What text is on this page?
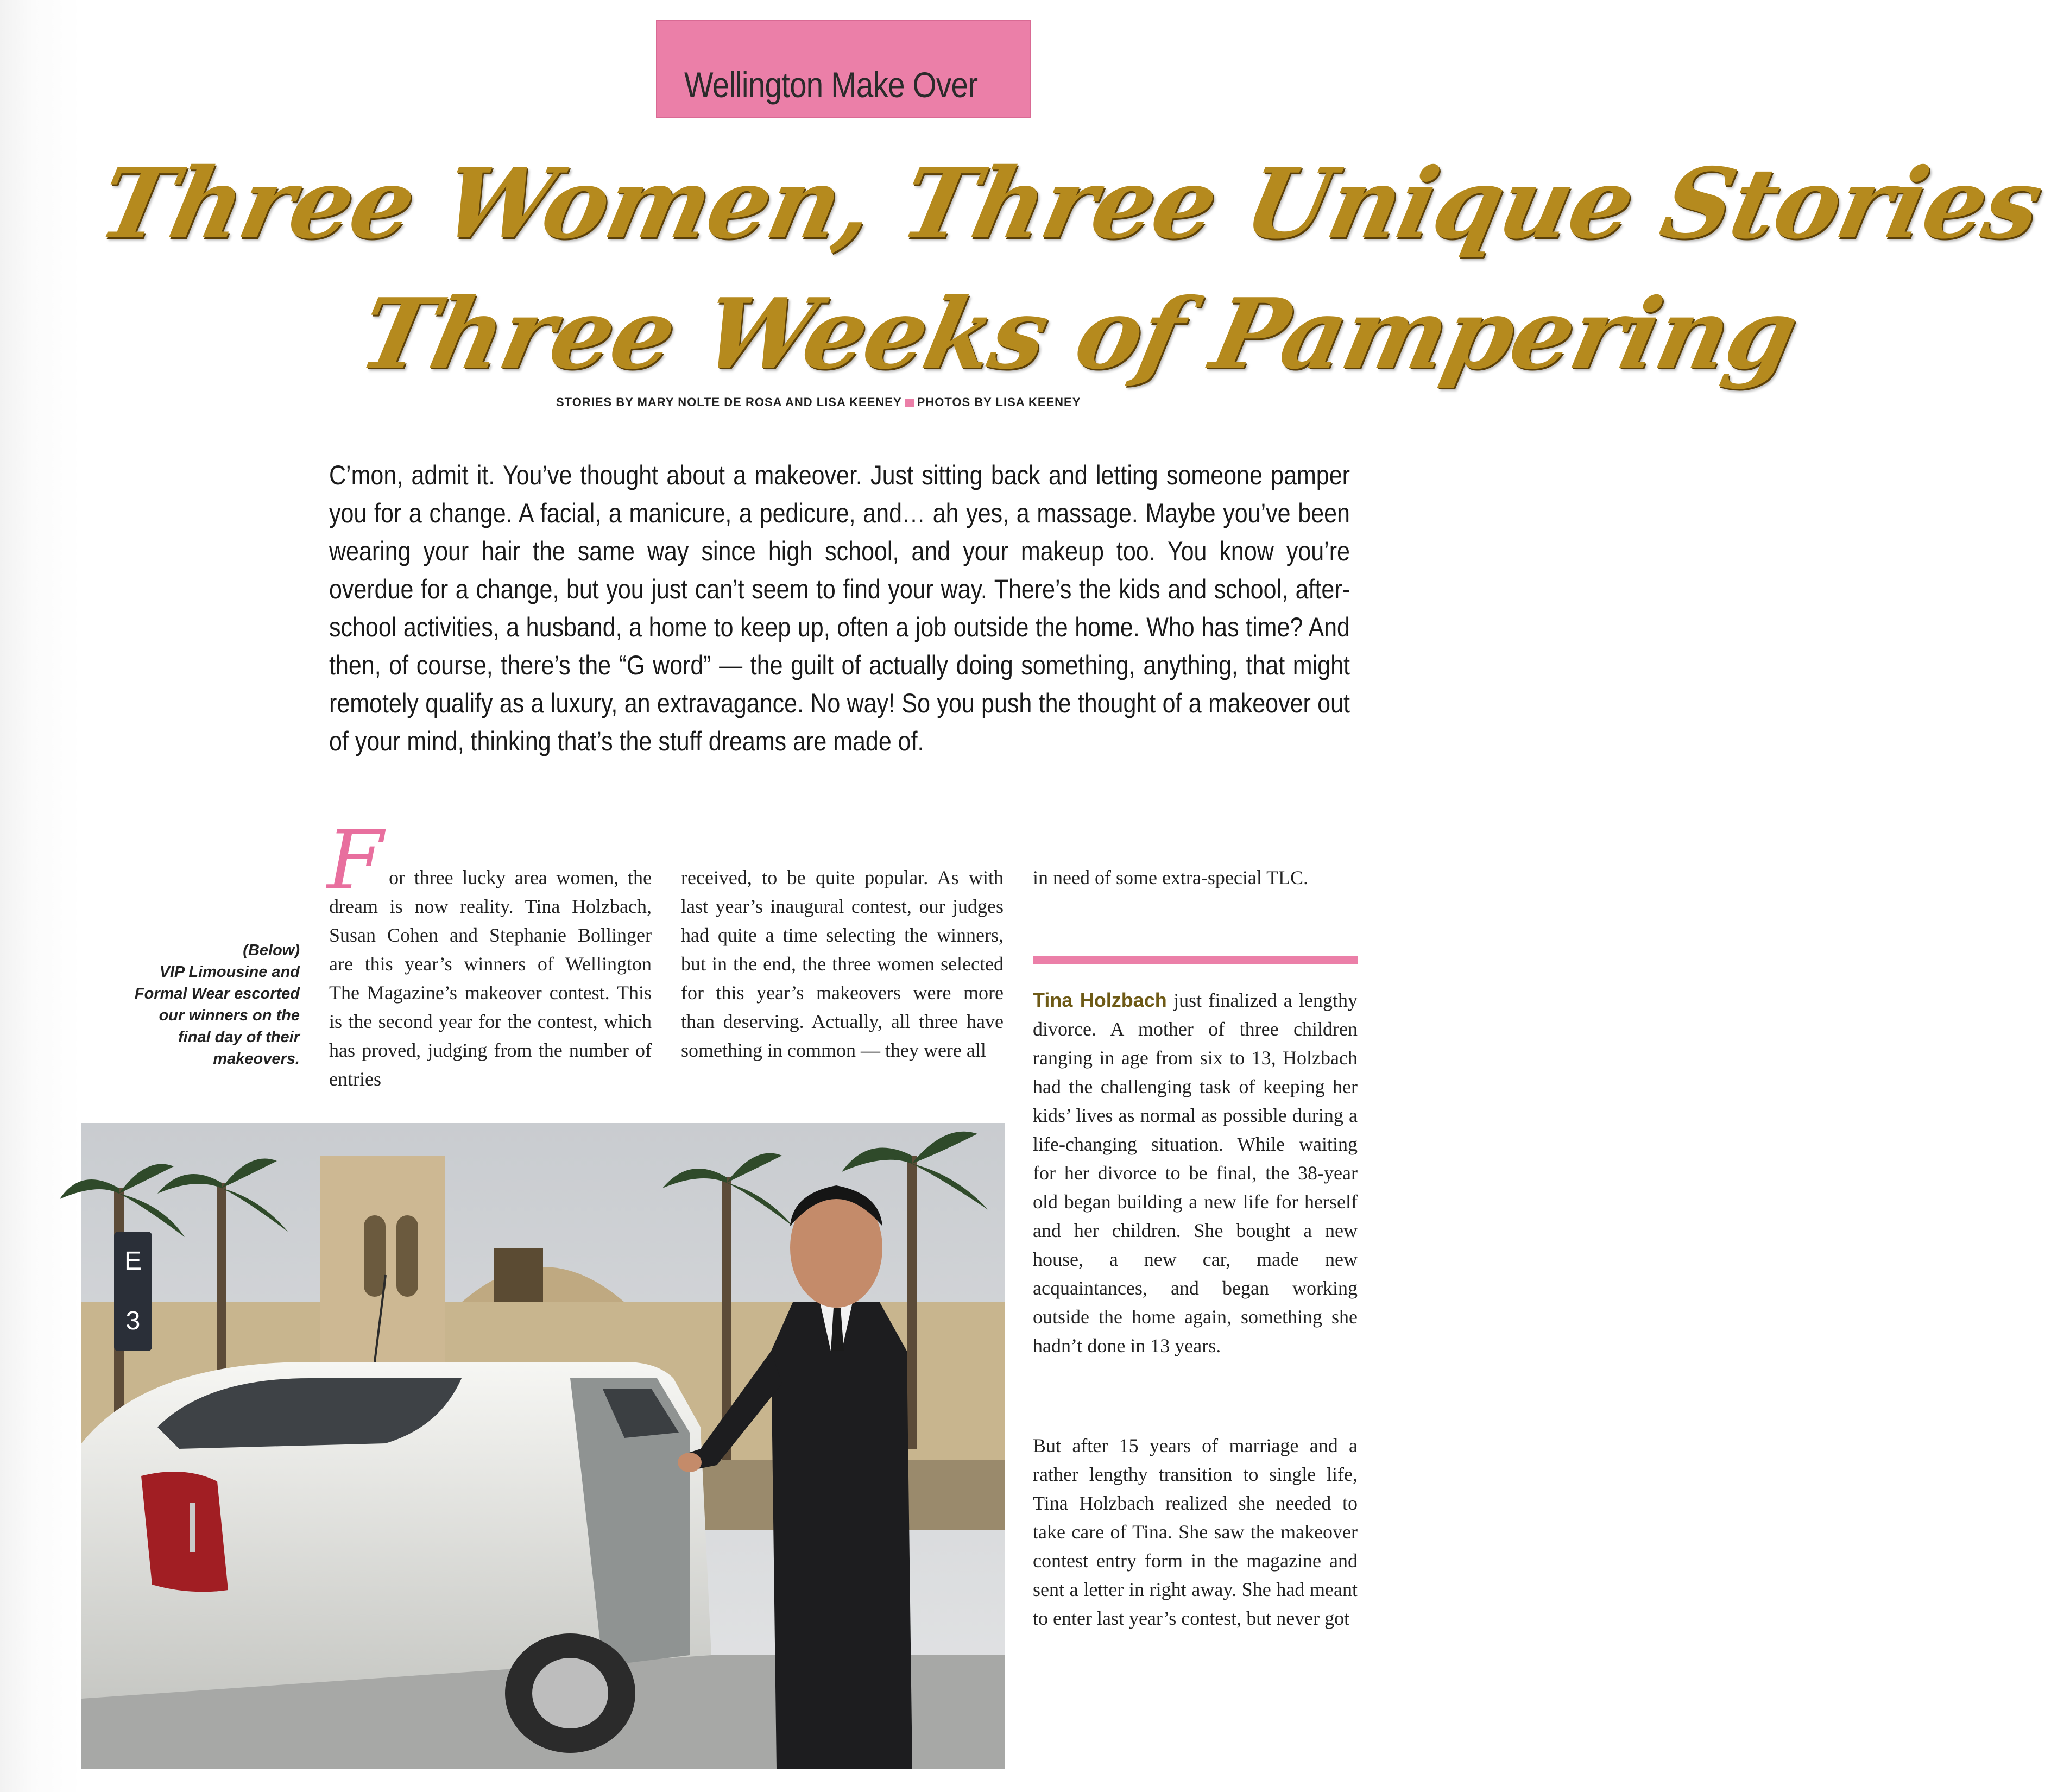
Wellington Make Over
Three Women, Three Unique Stories
Three Weeks of Pampering
STORIES BY MARY NOLTE DE ROSA AND LISA KEENEY PHOTOS BY LISA KEENEY

C’mon, admit it. You’ve thought about a makeover. Just sitting back and letting someone pamper you for a change. A facial, a manicure, a pedicure, and… ah yes, a massage. Maybe you’ve been wearing your hair the same way since high school, and your makeup too. You know you’re overdue for a change, but you just can’t seem to find your way. There’s the kids and school, after-school activities, a husband, a home to keep up, often a job outside the home. Who has time? And then, of course, there’s the “G word” — the guilt of actually doing something, anything, that might remotely qualify as a luxury, an extravagance. No way! So you push the thought of a makeover out of your mind, thinking that’s the stuff dreams are made of.

(Below)
VIP Limousine and Formal Wear escorted our winners on the final day of their makeovers.
For three lucky area women, the dream is now reality. Tina Holzbach, Susan Cohen and Stephanie Bollinger are this year’s winners of Wellington The Magazine’s makeover contest. This is the second year for the contest, which has proved, judging from the number of entries
received, to be quite popular. As with last year’s inaugural contest, our judges had quite a time selecting the winners, but in the end, the three women selected for this year’s makeovers were more than deserving. Actually, all three have something in common — they were all
in need of some extra-special TLC.
Tina Holzbach just finalized a lengthy divorce. A mother of three children ranging in age from six to 13, Holzbach had the challenging task of keeping her kids’ lives as normal as possible during a life-changing situation. While waiting for her divorce to be final, the 38-year old began building a new life for herself and her children. She bought a new house, a new car, made new acquaintances, and began working outside the home again, something she hadn’t done in 13 years.
But after 15 years of marriage and a rather lengthy transition to single life, Tina Holzbach realized she needed to take care of Tina. She saw the makeover contest entry form in the magazine and sent a letter in right away. She had meant to enter last year’s contest, but never got
E
3
